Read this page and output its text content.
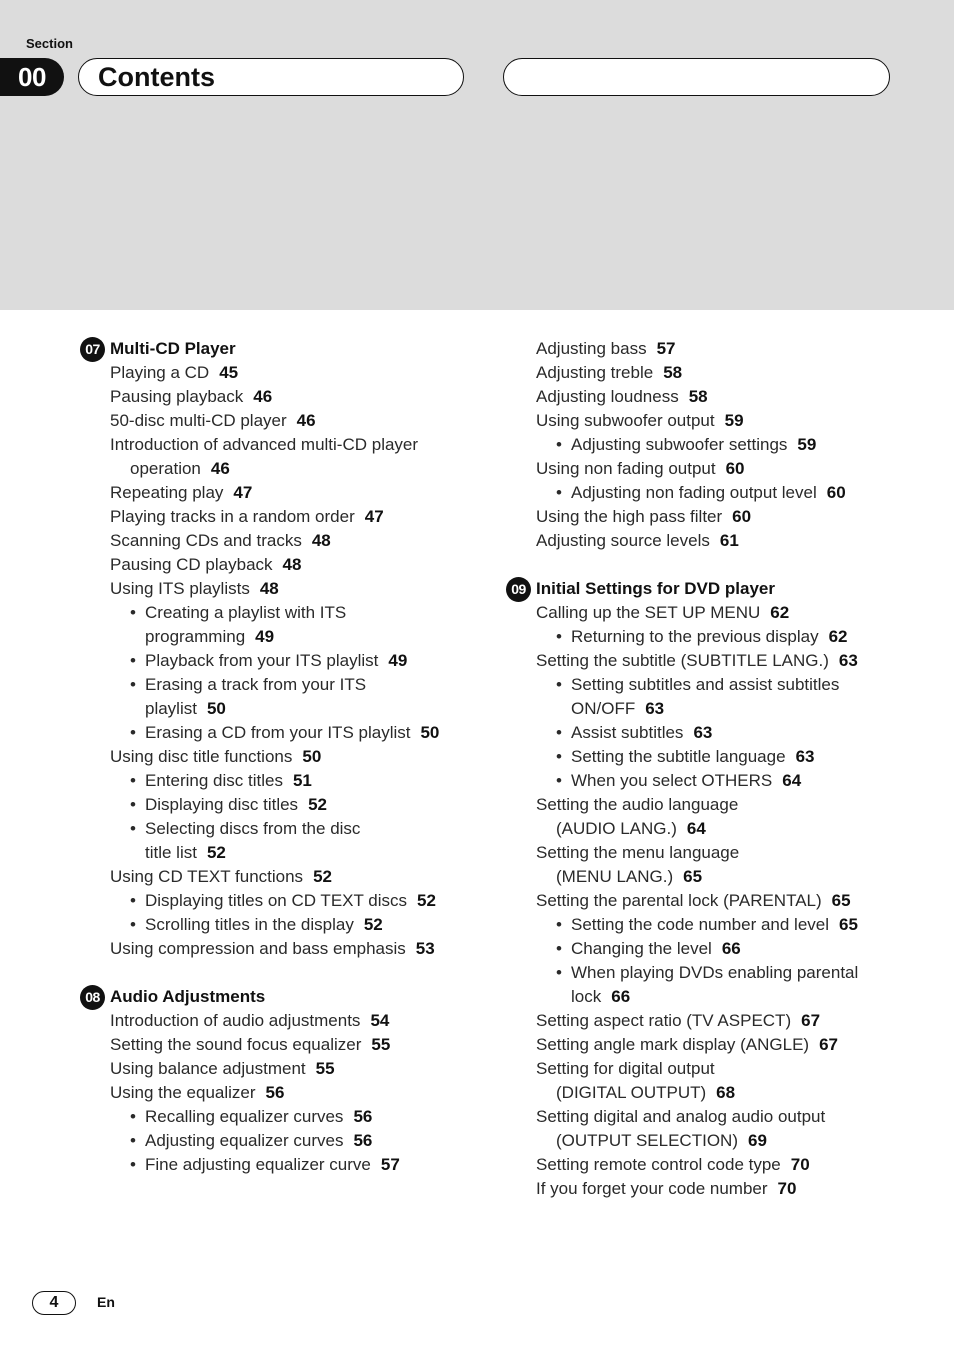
Section
00	Contents
07 Multi-CD Player
Playing a CD 45
Pausing playback 46
50-disc multi-CD player 46
Introduction of advanced multi-CD player
operation 46
Repeating play 47
Playing tracks in a random order 47
Scanning CDs and tracks 48
Pausing CD playback 48
Using ITS playlists 48
• Creating a playlist with ITS
programming 49
• Playback from your ITS playlist 49
• Erasing a track from your ITS
playlist 50
• Erasing a CD from your ITS playlist 50
Using disc title functions 50
• Entering disc titles 51
• Displaying disc titles 52
• Selecting discs from the disc
title list 52
Using CD TEXT functions 52
• Displaying titles on CD TEXT discs 52
• Scrolling titles in the display 52
Using compression and bass emphasis 53
08 Audio Adjustments
Introduction of audio adjustments 54
Setting the sound focus equalizer 55
Using balance adjustment 55
Using the equalizer 56
• Recalling equalizer curves 56
• Adjusting equalizer curves 56
• Fine adjusting equalizer curve 57
Adjusting bass 57
Adjusting treble 58
Adjusting loudness 58
Using subwoofer output 59
• Adjusting subwoofer settings 59
Using non fading output 60
• Adjusting non fading output level 60
Using the high pass filter 60
Adjusting source levels 61
09 Initial Settings for DVD player
Calling up the SET UP MENU 62
• Returning to the previous display 62
Setting the subtitle (SUBTITLE LANG.) 63
• Setting subtitles and assist subtitles
ON/OFF 63
• Assist subtitles 63
• Setting the subtitle language 63
• When you select OTHERS 64
Setting the audio language
(AUDIO LANG.) 64
Setting the menu language
(MENU LANG.) 65
Setting the parental lock (PARENTAL) 65
• Setting the code number and level 65
• Changing the level 66
• When playing DVDs enabling parental
lock 66
Setting aspect ratio (TV ASPECT) 67
Setting angle mark display (ANGLE) 67
Setting for digital output
(DIGITAL OUTPUT) 68
Setting digital and analog audio output
(OUTPUT SELECTION) 69
Setting remote control code type 70
If you forget your code number 70
4	En
